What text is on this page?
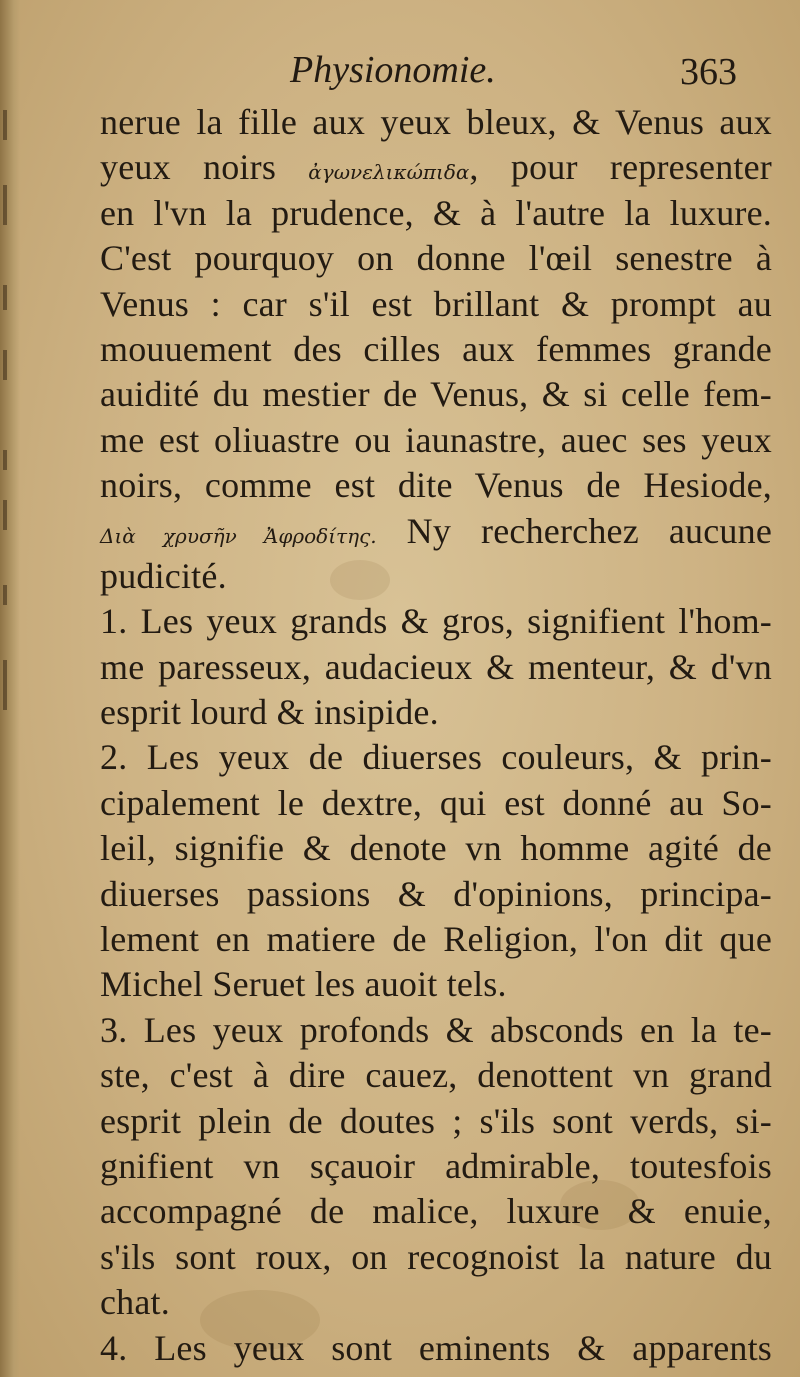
Physionomie.	363
nerue la fille aux yeux bleux, & Venus aux
yeux noirs ἀγωνελικώπιδα, pour representer
en l'vn la prudence, & à l'autre la luxure.
C'est pourquoy on donne l'œil senestre à
Venus : car s'il est brillant & prompt au
mouuement des cilles aux femmes grande
auidité du mestier de Venus, & si celle fem-
me est oliuastre ou iaunastre, auec ses yeux
noirs, comme est dite Venus de Hesiode,
Διὰ χρυσῆν Ἀφροδίτης. Ny recherchez aucune
pudicité.
1. Les yeux grands & gros, signifient l'hom-
me paresseux, audacieux & menteur, & d'vn
esprit lourd & insipide.
2. Les yeux de diuerses couleurs, & prin-
cipalement le dextre, qui est donné au So-
leil, signifie & denote vn homme agité de
diuerses passions & d'opinions, principa-
lement en matiere de Religion, l'on dit que
Michel Seruet les auoit tels.
3. Les yeux profonds & absconds en la te-
ste, c'est à dire cauez, denottent vn grand
esprit plein de doutes ; s'ils sont verds, si-
gnifient vn sçauoir admirable, toutesfois
accompagné de malice, luxure & enuie,
s'ils sont roux, on recognoist la nature du
chat.
4. Les yeux sont eminents & apparents
